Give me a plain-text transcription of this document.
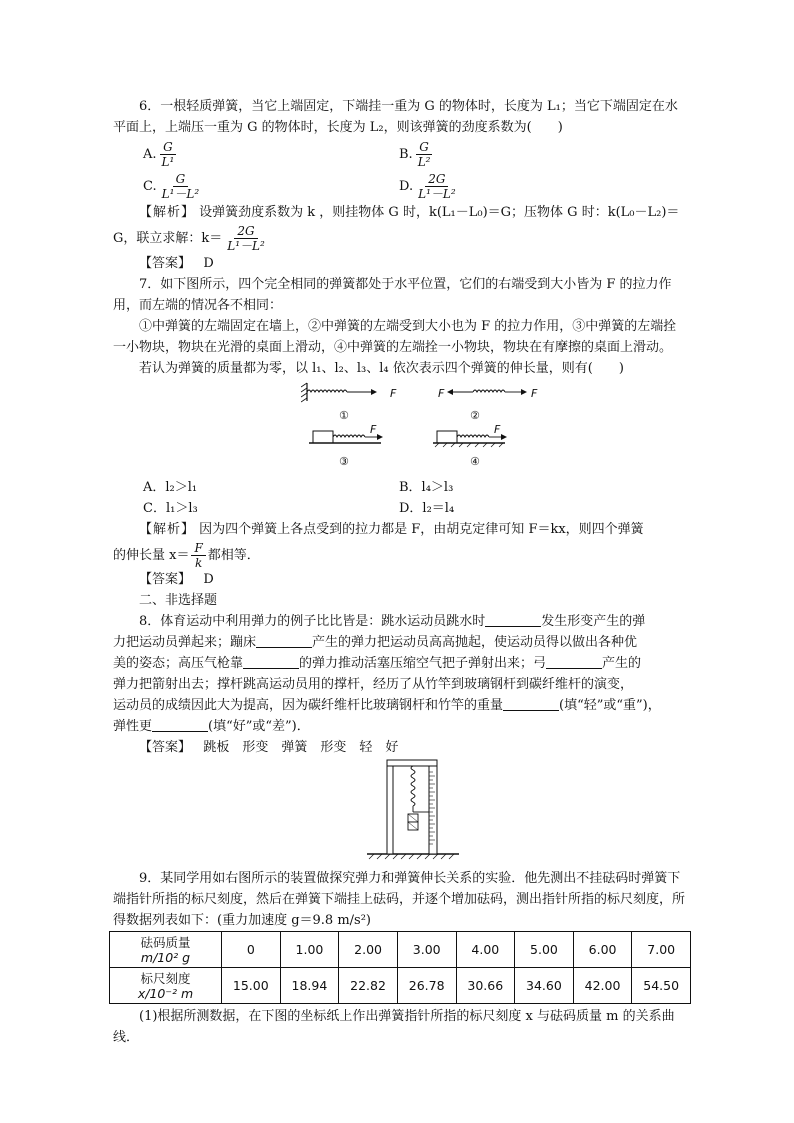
6．一根轻质弹簧，当它上端固定，下端挂一重为 G 的物体时，长度为 L₁；当它下端固定在水平面上，上端压一重为 G 的物体时，长度为 L₂，则该弹簧的劲度系数为(　　)
A. $\frac{G}{\text{L¹}}$	B. $\frac{G}{\text{L²}}$
C. $\frac{G}{\text{L¹－L²}}$	D. $\frac{2G}{\text{L¹－L²}}$
【解析】 设弹簧劲度系数为 k ，则挂物体 G 时，k(L₁－L₀)＝G；压物体 G 时：k(L₀－L₂)＝
G，联立求解：$k= \frac{2G}{\text{L¹－L²}}$
【答案】 D
7．如下图所示，四个完全相同的弹簧都处于水平位置，它们的右端受到大小皆为 F 的拉力作用，而左端的情况各不相同：
①中弹簧的左端固定在墙上，②中弹簧的左端受到大小也为 F 的拉力作用，③中弹簧的左端拴一小物块，物块在光滑的桌面上滑动，④中弹簧的左端拴一小物块，物块在有摩擦的桌面上滑动。
若认为弹簧的质量都为零，以 l₁、l₂、l₃、l₄ 依次表示四个弹簧的伸长量，则有(　　)
F
①
F	F
②
F
③
F
④
A．l₂＞l₁	B．l₄＞l₃
C．l₁＞l₃	D．l₂＝l₄
【解析】 因为四个弹簧上各点受到的拉力都是 F，由胡克定律可知 F＝kx，则四个弹簧
的伸长量 $x= \frac{F}{k}$ 都相等．
【答案】 D
二、非选择题
8．体育运动中利用弹力的例子比比皆是：跳水运动员跳水时	发生形变产生的弹
力把运动员弹起来；蹦床	产生的弹力把运动员高高抛起，使运动员得以做出各种优
美的姿态；高压气枪靠	的弹力推动活塞压缩空气把子弹射出来；弓	产生的
弹力把箭射出去；撑杆跳高运动员用的撑杆，经历了从竹竿到玻璃钢杆到碳纤维杆的演变，
运动员的成绩因此大为提高，因为碳纤维杆比玻璃钢杆和竹竿的重量	(填“轻”或“重”)，
弹性更	(填“好”或“差”)．
【答案】 跳板　形变　弹簧　形变　轻　好
9．某同学用如右图所示的装置做探究弹力和弹簧伸长关系的实验．他先测出不挂砝码时弹簧下端指针所指的标尺刻度，然后在弹簧下端挂上砝码，并逐个增加砝码，测出指针所指的标尺刻度，所得数据列表如下：(重力加速度 g＝9.8 m/s²)
砝码质量
m/10² g	0	1.00	2.00	3.00	4.00	5.00	6.00	7.00
标尺刻度
x/10⁻² m	15.00	18.94	22.82	26.78	30.66	34.60	42.00	54.50
(1)根据所测数据，在下图的坐标纸上作出弹簧指针所指的标尺刻度 x 与砝码质量 m 的关系曲线．
